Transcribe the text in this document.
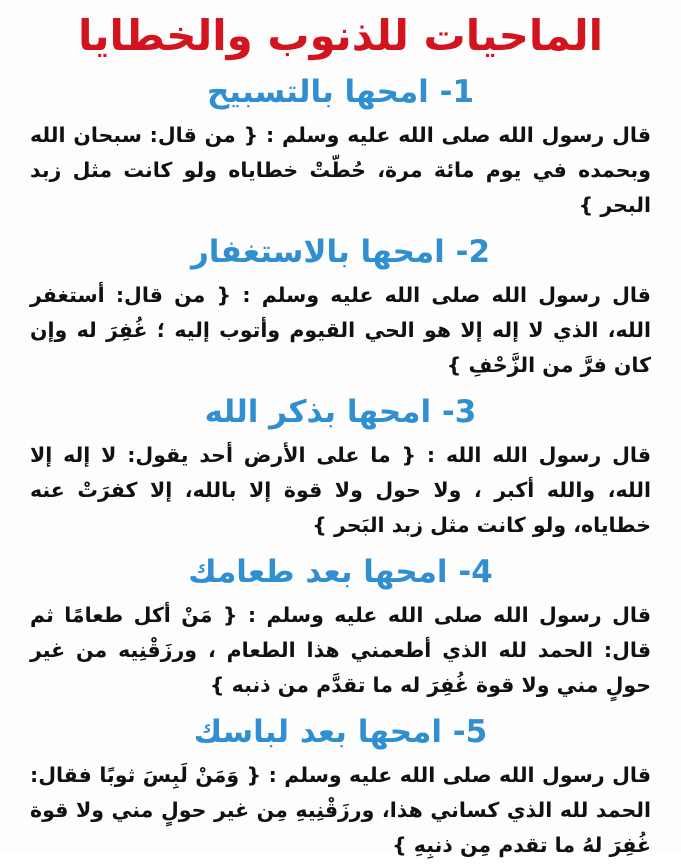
الماحيات للذنوب والخطايا
1- امحها بالتسبيح

قال رسول الله صلى الله عليه وسلم : { من قال: سبحان الله وبحمده في يوم مائة مرة، حُطّتْ خطاياه ولو كانت مثل زبد البحر }

2- امحها بالاستغفار

قال رسول الله صلى الله عليه وسلم : { من قال: أستغفر الله، الذي لا إله إلا هو الحي القيوم وأتوب إليه ؛ غُفِرَ له وإن كان فرَّ من الزَّحْفِ }

3- امحها بذكر الله

قال رسول الله الله : { ما على الأرض أحد يقول: لا إله إلا الله، والله أكبر ، ولا حول ولا قوة إلا بالله، إلا كفرَتْ عنه خطاياه، ولو كانت مثل زبد البَحر }

4- امحها بعد طعامك

قال رسول الله صلى الله عليه وسلم : { مَنْ أكل طعامًا ثم قال: الحمد لله الذي أطعمني هذا الطعام ، ورزَقْنِيه من غير حولٍ مني ولا قوة غُفِرَ له ما تقدَّم من ذنبه }

5- امحها بعد لباسك

قال رسول الله صلى الله عليه وسلم : { وَمَنْ لَبِسَ ثوبًا فقال: الحمد لله الذي كساني هذا، ورزَقْنِيهِ مِن غير حولٍ مني ولا قوة غُفِرَ لهُ ما تقدم مِن ذنبِهِ }
